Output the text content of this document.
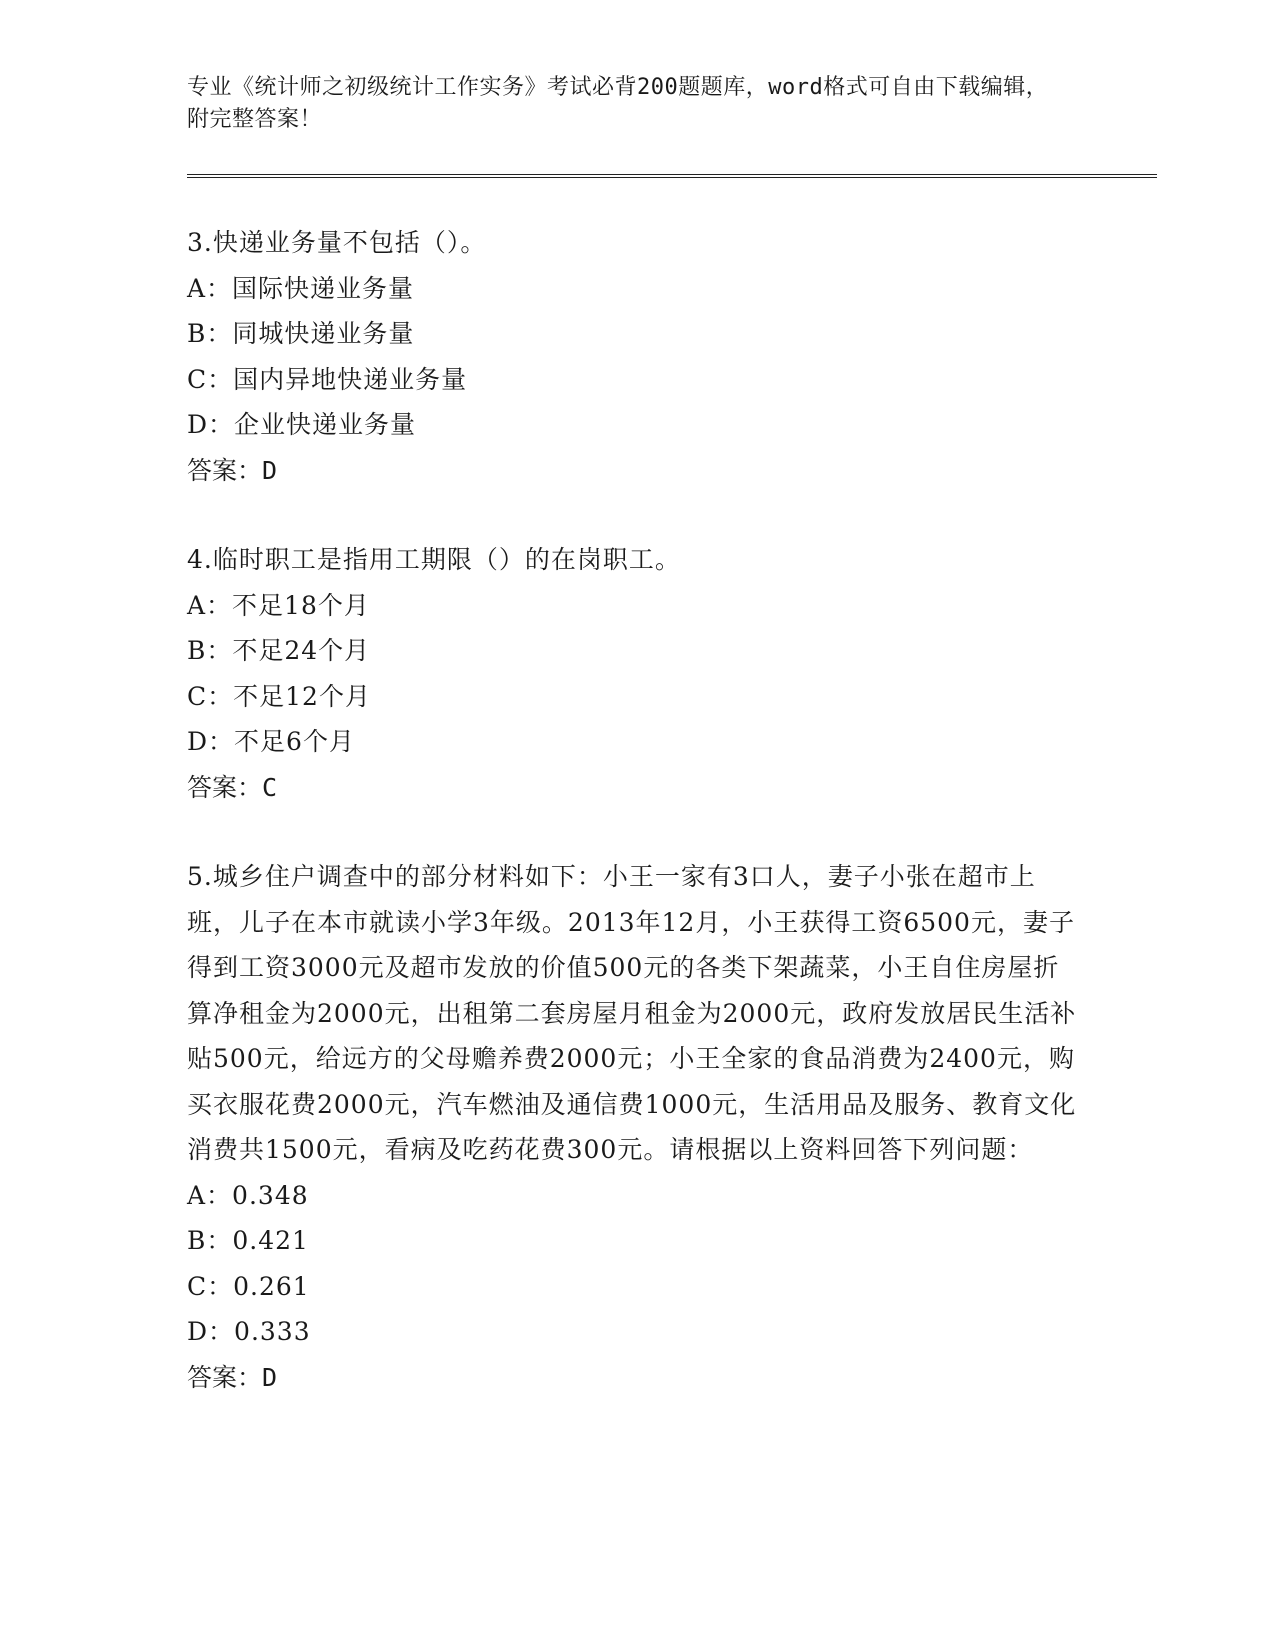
专业《统计师之初级统计工作实务》考试必背200题题库，word格式可自由下载编辑，附完整答案！
3.快递业务量不包括（）。
A：国际快递业务量
B：同城快递业务量
C：国内异地快递业务量
D：企业快递业务量
答案：D
4.临时职工是指用工期限（）的在岗职工。
A：不足18个月
B：不足24个月
C：不足12个月
D：不足6个月
答案：C
5.城乡住户调查中的部分材料如下：小王一家有3口人，妻子小张在超市上班，儿子在本市就读小学3年级。2013年12月，小王获得工资6500元，妻子得到工资3000元及超市发放的价值500元的各类下架蔬菜，小王自住房屋折算净租金为2000元，出租第二套房屋月租金为2000元，政府发放居民生活补贴500元，给远方的父母赡养费2000元；小王全家的食品消费为2400元，购买衣服花费2000元，汽车燃油及通信费1000元，生活用品及服务、教育文化消费共1500元，看病及吃药花费300元。请根据以上资料回答下列问题：
A：0.348
B：0.421
C：0.261
D：0.333
答案：D
